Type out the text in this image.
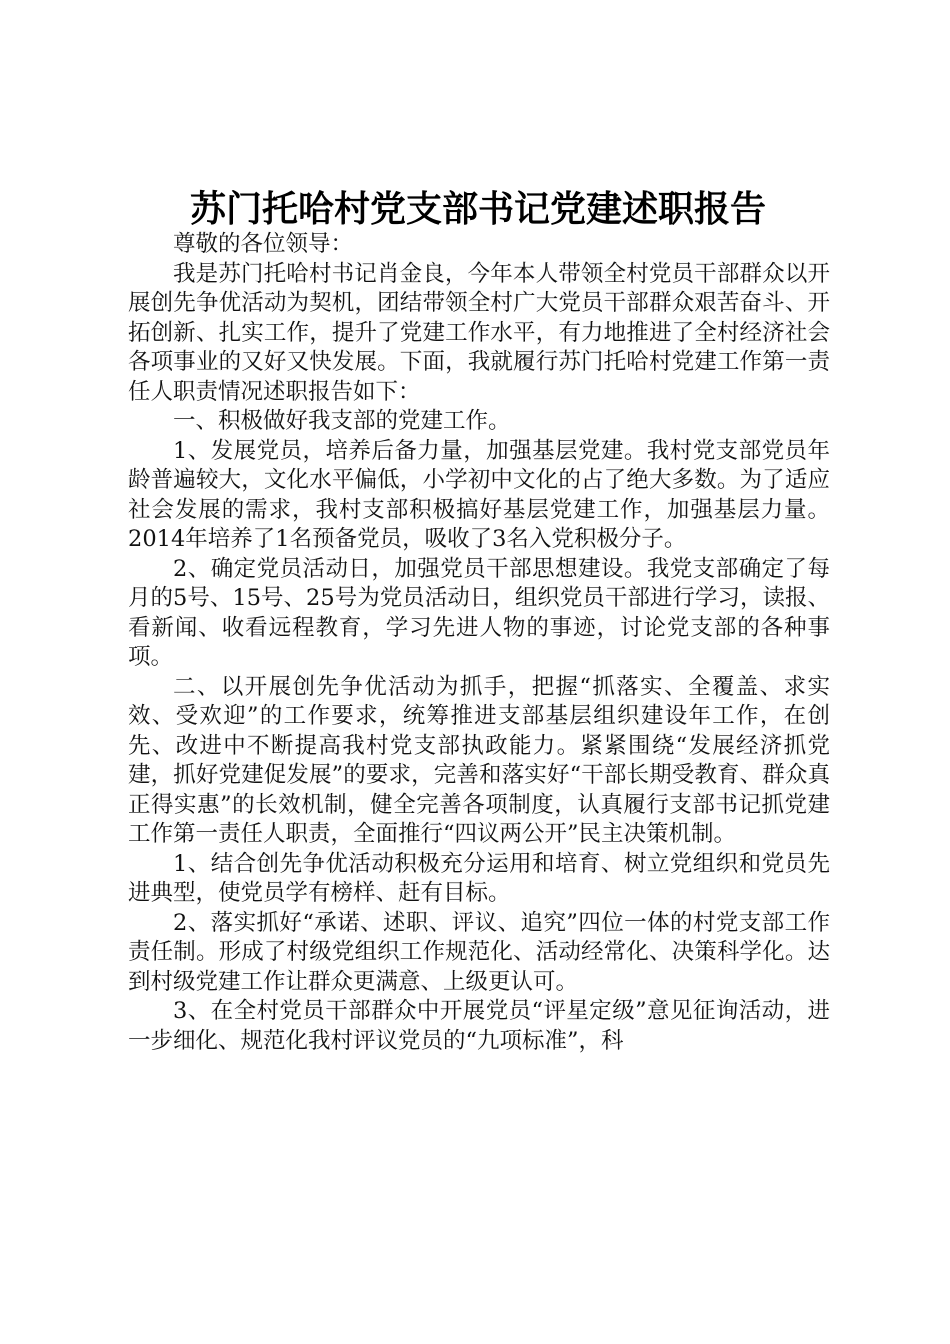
苏门托哈村党支部书记党建述职报告

尊敬的各位领导：

我是苏门托哈村书记肖金良，今年本人带领全村党员干部群众以开展创先争优活动为契机，团结带领全村广大党员干部群众艰苦奋斗、开拓创新、扎实工作，提升了党建工作水平，有力地推进了全村经济社会各项事业的又好又快发展。下面，我就履行苏门托哈村党建工作第一责任人职责情况述职报告如下：

一、积极做好我支部的党建工作。

1、发展党员，培养后备力量，加强基层党建。我村党支部党员年龄普遍较大，文化水平偏低，小学初中文化的占了绝大多数。为了适应社会发展的需求，我村支部积极搞好基层党建工作，加强基层力量。2014年培养了1名预备党员，吸收了3名入党积极分子。

2、确定党员活动日，加强党员干部思想建设。我党支部确定了每月的5号、15号、25号为党员活动日，组织党员干部进行学习，读报、看新闻、收看远程教育，学习先进人物的事迹，讨论党支部的各种事项。

二、以开展创先争优活动为抓手，把握“抓落实、全覆盖、求实效、受欢迎”的工作要求，统筹推进支部基层组织建设年工作，在创先、改进中不断提高我村党支部执政能力。紧紧围绕“发展经济抓党建，抓好党建促发展”的要求，完善和落实好“干部长期受教育、群众真正得实惠”的长效机制，健全完善各项制度，认真履行支部书记抓党建工作第一责任人职责，全面推行“四议两公开”民主决策机制。

1、结合创先争优活动积极充分运用和培育、树立党组织和党员先进典型，使党员学有榜样、赶有目标。

2、落实抓好“承诺、述职、评议、追究”四位一体的村党支部工作责任制。形成了村级党组织工作规范化、活动经常化、决策科学化。达到村级党建工作让群众更满意、上级更认可。

3、在全村党员干部群众中开展党员“评星定级”意见征询活动，进一步细化、规范化我村评议党员的“九项标准”，科
